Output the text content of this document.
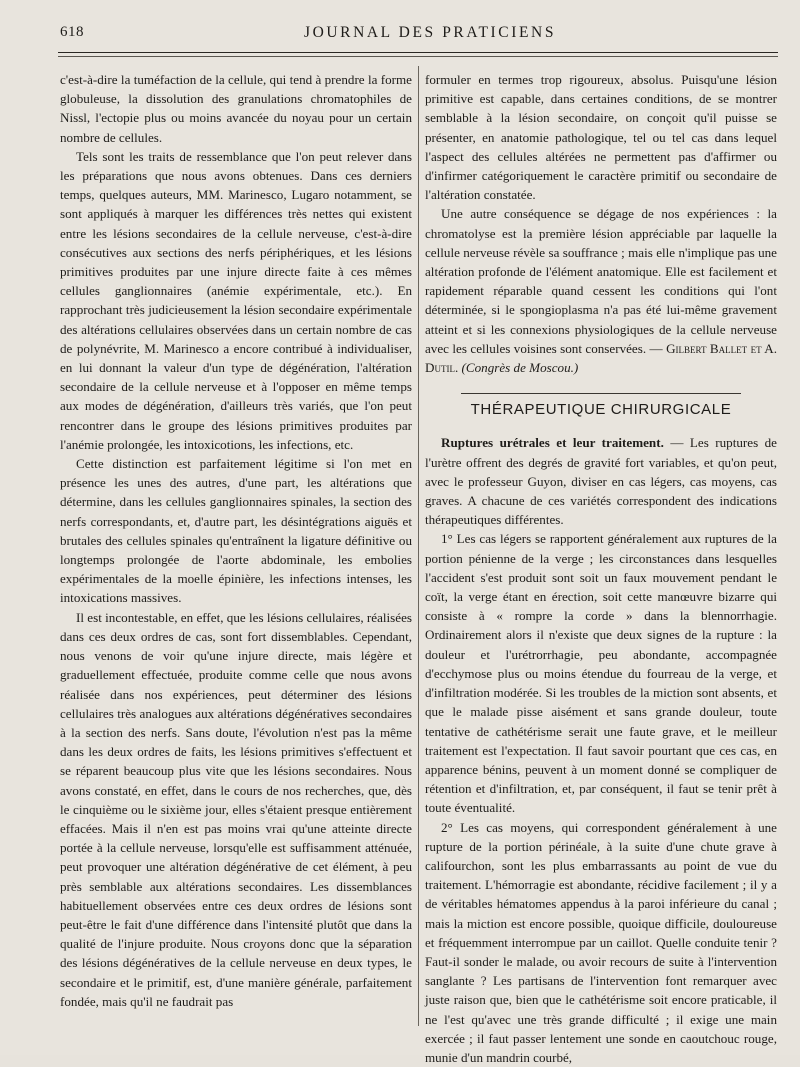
618	JOURNAL DES PRATICIENS

c'est-à-dire la tuméfaction de la cellule, qui tend à prendre la forme globuleuse, la dissolution des granulations chromatophiles de Nissl, l'ectopie plus ou moins avancée du noyau pour un certain nombre de cellules.

Tels sont les traits de ressemblance que l'on peut relever dans les préparations que nous avons obtenues. Dans ces derniers temps, quelques auteurs, MM. Marinesco, Lugaro notamment, se sont appliqués à marquer les différences très nettes qui existent entre les lésions secondaires de la cellule nerveuse, c'est-à-dire consécutives aux sections des nerfs périphériques, et les lésions primitives produites par une injure directe faite à ces mêmes cellules ganglionnaires (anémie expérimentale, etc.). En rapprochant très judicieusement la lésion secondaire expérimentale des altérations cellulaires observées dans un certain nombre de cas de polynévrite, M. Marinesco a encore contribué à individualiser, en lui donnant la valeur d'un type de dégénération, l'altération secondaire de la cellule nerveuse et à l'opposer en même temps aux modes de dégénération, d'ailleurs très variés, que l'on peut rencontrer dans le groupe des lésions primitives produites par l'anémie prolongée, les intoxicotions, les infections, etc.

Cette distinction est parfaitement légitime si l'on met en présence les unes des autres, d'une part, les altérations que détermine, dans les cellules ganglionnaires spinales, la section des nerfs correspondants, et, d'autre part, les désintégrations aiguës et brutales des cellules spinales qu'entraînent la ligature définitive ou longtemps prolongée de l'aorte abdominale, les embolies expérimentales de la moelle épinière, les infections intenses, les intoxications massives.

Il est incontestable, en effet, que les lésions cellulaires, réalisées dans ces deux ordres de cas, sont fort dissemblables. Cependant, nous venons de voir qu'une injure directe, mais légère et graduellement effectuée, produite comme celle que nous avons réalisée dans nos expériences, peut déterminer des lésions cellulaires très analogues aux altérations dégénératives secondaires à la section des nerfs. Sans doute, l'évolution n'est pas la même dans les deux ordres de faits, les lésions primitives s'effectuent et se réparent beaucoup plus vite que les lésions secondaires. Nous avons constaté, en effet, dans le cours de nos recherches, que, dès le cinquième ou le sixième jour, elles s'étaient presque entièrement effacées. Mais il n'en est pas moins vrai qu'une atteinte directe portée à la cellule nerveuse, lorsqu'elle est suffisamment atténuée, peut provoquer une altération dégénérative de cet élément, à peu près semblable aux altérations secondaires. Les dissemblances habituellement observées entre ces deux ordres de lésions sont peut-être le fait d'une différence dans l'intensité plutôt que dans la qualité de l'injure produite. Nous croyons donc que la séparation des lésions dégénératives de la cellule nerveuse en deux types, le secondaire et le primitif, est, d'une manière générale, parfaitement fondée, mais qu'il ne faudrait pas

formuler en termes trop rigoureux, absolus. Puisqu'une lésion primitive est capable, dans certaines conditions, de se montrer semblable à la lésion secondaire, on conçoit qu'il puisse se présenter, en anatomie pathologique, tel ou tel cas dans lequel l'aspect des cellules altérées ne permettent pas d'affirmer ou d'infirmer catégoriquement le caractère primitif ou secondaire de l'altération constatée.

Une autre conséquence se dégage de nos expériences : la chromatolyse est la première lésion appréciable par laquelle la cellule nerveuse révèle sa souffrance ; mais elle n'implique pas une altération profonde de l'élément anatomique. Elle est facilement et rapidement réparable quand cessent les conditions qui l'ont déterminée, si le spongioplasma n'a pas été lui-même gravement atteint et si les connexions physiologiques de la cellule nerveuse avec les cellules voisines sont conservées. — Gilbert Ballet et A. Dutil. (Congrès de Moscou.)

THÉRAPEUTIQUE CHIRURGICALE

Ruptures urétrales et leur traitement. — Les ruptures de l'urètre offrent des degrés de gravité fort variables, et qu'on peut, avec le professeur Guyon, diviser en cas légers, cas moyens, cas graves. A chacune de ces variétés correspondent des indications thérapeutiques différentes.

1° Les cas légers se rapportent généralement aux ruptures de la portion pénienne de la verge ; les circonstances dans lesquelles l'accident s'est produit sont soit un faux mouvement pendant le coït, la verge étant en érection, soit cette manœuvre bizarre qui consiste à « rompre la corde » dans la blennorrhagie. Ordinairement alors il n'existe que deux signes de la rupture : la douleur et l'urétrorrhagie, peu abondante, accompagnée d'ecchymose plus ou moins étendue du fourreau de la verge, et d'infiltration modérée. Si les troubles de la miction sont absents, et que le malade pisse aisément et sans grande douleur, toute tentative de cathétérisme serait une faute grave, et le meilleur traitement est l'expectation. Il faut savoir pourtant que ces cas, en apparence bénins, peuvent à un moment donné se compliquer de rétention et d'infiltration, et, par conséquent, il faut se tenir prêt à toute éventualité.

2° Les cas moyens, qui correspondent généralement à une rupture de la portion périnéale, à la suite d'une chute grave à califourchon, sont les plus embarrassants au point de vue du traitement. L'hémorragie est abondante, récidive facilement ; il y a de véritables hématomes appendus à la paroi inférieure du canal ; mais la miction est encore possible, quoique difficile, douloureuse et fréquemment interrompue par un caillot. Quelle conduite tenir ? Faut-il sonder le malade, ou avoir recours de suite à l'intervention sanglante ? Les partisans de l'intervention font remarquer avec juste raison que, bien que le cathétérisme soit encore praticable, il ne l'est qu'avec une très grande difficulté ; il exige une main exercée ; il faut passer lentement une sonde en caoutchouc rouge, munie d'un mandrin courbé,
